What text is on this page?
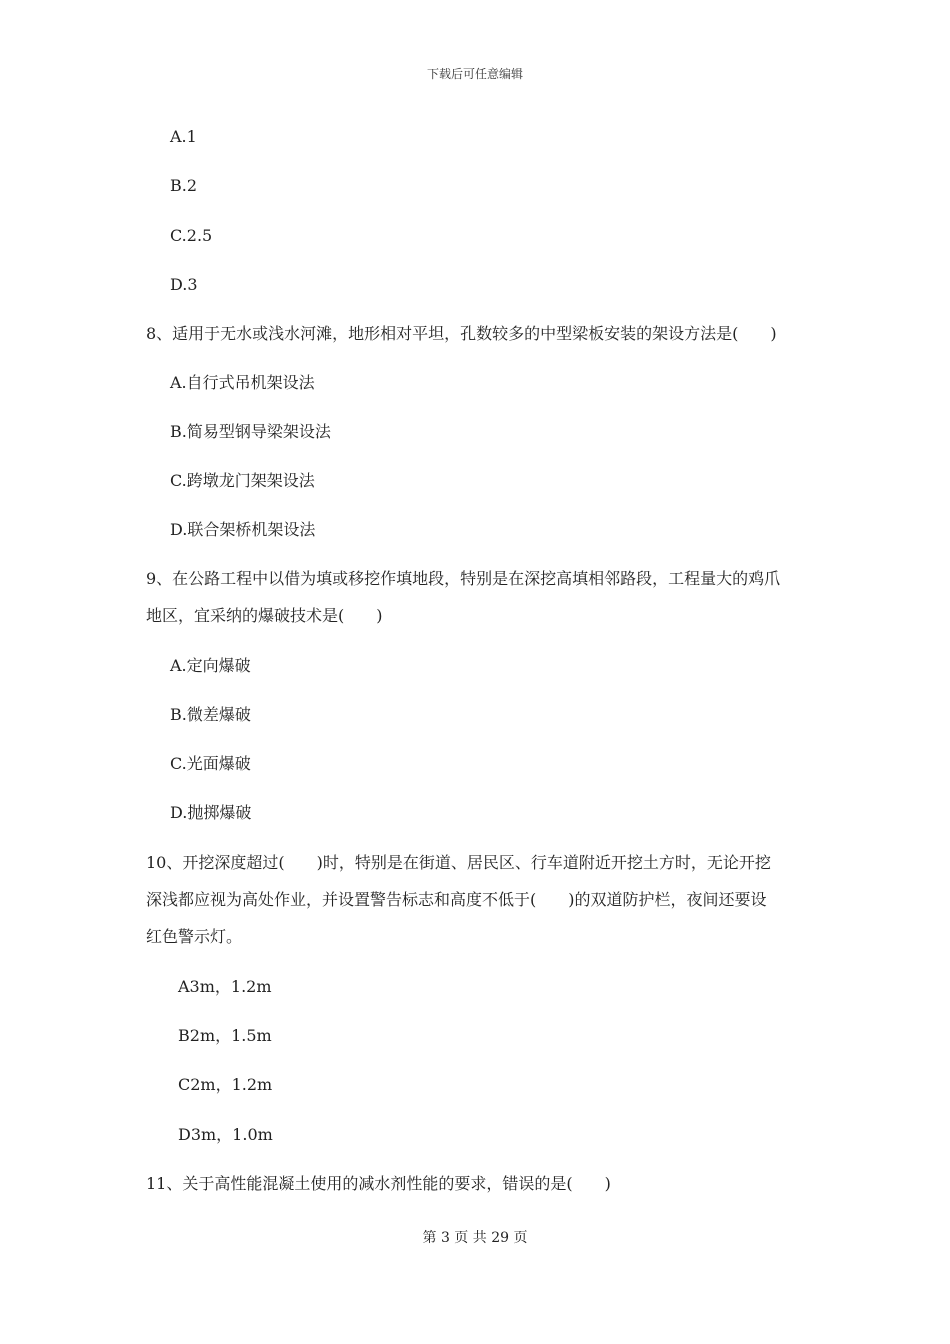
下载后可任意编辑
A.1
B.2
C.2.5
D.3
8、适用于无水或浅水河滩，地形相对平坦，孔数较多的中型梁板安装的架设方法是(　　)
A.自行式吊机架设法
B.简易型钢导梁架设法
C.跨墩龙门架架设法
D.联合架桥机架设法
9、在公路工程中以借为填或移挖作填地段，特别是在深挖高填相邻路段，工程量大的鸡爪
地区，宜采纳的爆破技术是(　　)
A.定向爆破
B.微差爆破
C.光面爆破
D.抛掷爆破
10、开挖深度超过(　　)时，特别是在街道、居民区、行车道附近开挖土方时，无论开挖
深浅都应视为高处作业，并设置警告标志和高度不低于(　　)的双道防护栏，夜间还要设
红色警示灯。
A3m，1.2m
B2m，1.5m
C2m，1.2m
D3m，1.0m
11、关于高性能混凝土使用的减水剂性能的要求，错误的是(　　)
第 3 页 共 29 页
